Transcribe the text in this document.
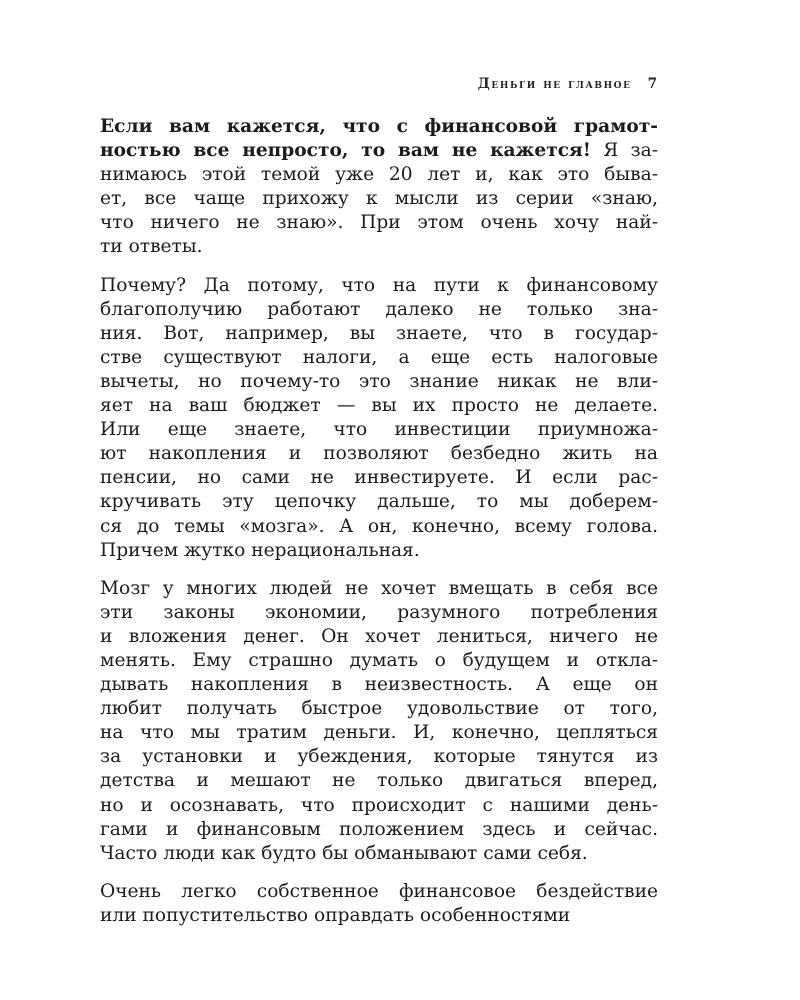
Деньги не главное 7
Если вам кажется, что с финансовой грамот-
ностью все непросто, то вам не кажется! Я за-
нимаюсь этой темой уже 20 лет и, как это быва-
ет, все чаще прихожу к мысли из серии «знаю,
что ничего не знаю». При этом очень хочу най-
ти ответы.
Почему? Да потому, что на пути к финансовому
благополучию работают далеко не только зна-
ния. Вот, например, вы знаете, что в государ-
стве существуют налоги, а еще есть налоговые
вычеты, но почему-то это знание никак не вли-
яет на ваш бюджет — вы их просто не делаете.
Или еще знаете, что инвестиции приумножа-
ют накопления и позволяют безбедно жить на
пенсии, но сами не инвестируете. И если рас-
кручивать эту цепочку дальше, то мы доберем-
ся до темы «мозга». А он, конечно, всему голова.
Причем жутко нерациональная.
Мозг у многих людей не хочет вмещать в себя все
эти законы экономии, разумного потребления
и вложения денег. Он хочет лениться, ничего не
менять. Ему страшно думать о будущем и откла-
дывать накопления в неизвестность. А еще он
любит получать быстрое удовольствие от того,
на что мы тратим деньги. И, конечно, цепляться
за установки и убеждения, которые тянутся из
детства и мешают не только двигаться вперед,
но и осознавать, что происходит с нашими день-
гами и финансовым положением здесь и сейчас.
Часто люди как будто бы обманывают сами себя.
Очень легко собственное финансовое бездействие
или попустительство оправдать особенностями
